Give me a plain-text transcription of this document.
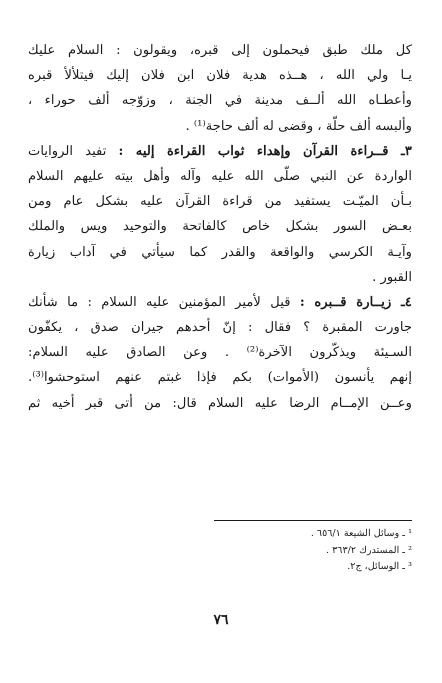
كل ملك طبق فيحملون إلى قبره، ويقولون : السلام عليك
يـا ولي الله ، هــذه هدية فلان ابن فلان إليك فيتلألأ قبره
وأعطـاه الله ألــف مدينة في الجنة ، وزوّجه ألف حوراء ،
وألبسه ألف حلّة ، وقضى له ألف حاجة⁽¹⁾ .
٣ـ قــراءة القرآن وإهداء ثواب القراءة إليه : تفيد الروايات
الواردة عن النبي صلّى الله عليه وآله وأهل بيته عليهم السلام
بـأن الميّـت يستفيد من قراءة القرآن عليه بشكل عام ومن
بعـض السور بشكل خاص كالفاتحة والتوحيد ويس والملك
وآيـة الكرسي والواقعة والقدر كما سيأتي في آداب زيارة
القبور .
٤ـ زيــارة قــبره : قيل لأمير المؤمنين عليه السلام : ما شأنك
جاورت المقبرة ؟ فقال : إنّ أحدهم جيران صدق ، يكفّون
السـيئة ويذكّرون الآخرة⁽²⁾ . وعن الصادق عليه السلام:
إنهم يأنسون (الأموات) بكم فإذا غبتم عنهم استوحشوا⁽³⁾.
وعــن الإمــام الرضا عليه السلام قال: من أتى قبر أخيه ثم
¹ ـ وسائل الشيعة ٦٥٦/١ .
² ـ المستدرك ٣٦٣/٢ .
³ ـ الوسائل، ج٢.
٧٦
